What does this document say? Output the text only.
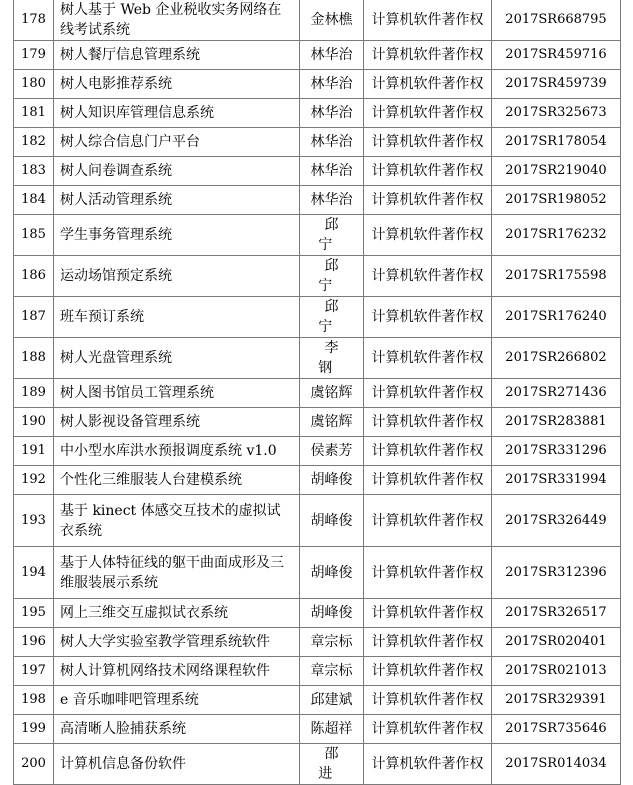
178	树人基于 Web 企业税收实务网络在线考试系统	金林樵	计算机软件著作权	2017SR668795
179	树人餐厅信息管理系统	林华治	计算机软件著作权	2017SR459716
180	树人电影推荐系统	林华治	计算机软件著作权	2017SR459739
181	树人知识库管理信息系统	林华治	计算机软件著作权	2017SR325673
182	树人综合信息门户平台	林华治	计算机软件著作权	2017SR178054
183	树人问卷调查系统	林华治	计算机软件著作权	2017SR219040
184	树人活动管理系统	林华治	计算机软件著作权	2017SR198052
185	学生事务管理系统	邱宁	计算机软件著作权	2017SR176232
186	运动场馆预定系统	邱宁	计算机软件著作权	2017SR175598
187	班车预订系统	邱宁	计算机软件著作权	2017SR176240
188	树人光盘管理系统	李钢	计算机软件著作权	2017SR266802
189	树人图书馆员工管理系统	虞铭辉	计算机软件著作权	2017SR271436
190	树人影视设备管理系统	虞铭辉	计算机软件著作权	2017SR283881
191	中小型水库洪水预报调度系统 v1.0	侯素芳	计算机软件著作权	2017SR331296
192	个性化三维服装人台建模系统	胡峰俊	计算机软件著作权	2017SR331994
193	基于 kinect 体感交互技术的虚拟试衣系统	胡峰俊	计算机软件著作权	2017SR326449
194	基于人体特征线的躯干曲面成形及三维服装展示系统	胡峰俊	计算机软件著作权	2017SR312396
195	网上三维交互虚拟试衣系统	胡峰俊	计算机软件著作权	2017SR326517
196	树人大学实验室教学管理系统软件	章宗标	计算机软件著作权	2017SR020401
197	树人计算机网络技术网络课程软件	章宗标	计算机软件著作权	2017SR021013
198	e 音乐咖啡吧管理系统	邱建斌	计算机软件著作权	2017SR329391
199	高清晰人脸捕获系统	陈超祥	计算机软件著作权	2017SR735646
200	计算机信息备份软件	邵进	计算机软件著作权	2017SR014034
